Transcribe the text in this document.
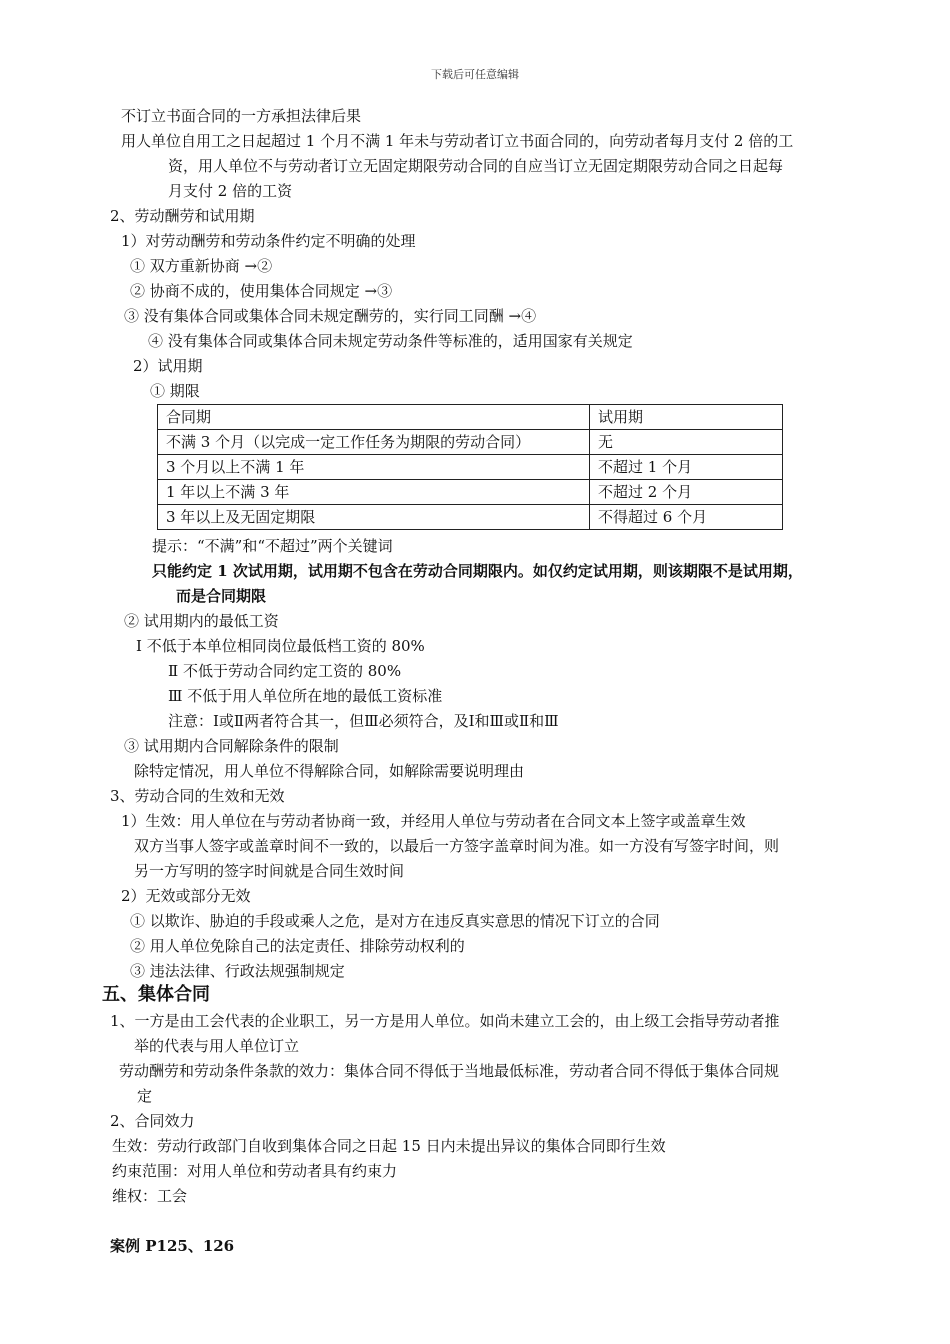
下载后可任意编辑
不订立书面合同的一方承担法律后果
用人单位自用工之日起超过 1 个月不满 1 年未与劳动者订立书面合同的，向劳动者每月支付 2 倍的工
资，用人单位不与劳动者订立无固定期限劳动合同的自应当订立无固定期限劳动合同之日起每
月支付 2 倍的工资
2、劳动酬劳和试用期
1）对劳动酬劳和劳动条件约定不明确的处理
① 双方重新协商 →②
② 协商不成的，使用集体合同规定 →③
③ 没有集体合同或集体合同未规定酬劳的，实行同工同酬 →④
④ 没有集体合同或集体合同未规定劳动条件等标准的，适用国家有关规定
2）试用期
① 期限
合同期	试用期
不满 3 个月（以完成一定工作任务为期限的劳动合同）	无
3 个月以上不满 1 年	不超过 1 个月
1 年以上不满 3 年	不超过 2 个月
3 年以上及无固定期限	不得超过 6 个月
提示：“不满”和“不超过”两个关键词
只能约定 1 次试用期，试用期不包含在劳动合同期限内。如仅约定试用期，则该期限不是试用期，
而是合同期限
② 试用期内的最低工资
Ⅰ 不低于本单位相同岗位最低档工资的 80%
Ⅱ 不低于劳动合同约定工资的 80%
Ⅲ 不低于用人单位所在地的最低工资标准
注意：Ⅰ或Ⅱ两者符合其一，但Ⅲ必须符合，及Ⅰ和Ⅲ或Ⅱ和Ⅲ
③ 试用期内合同解除条件的限制
除特定情况，用人单位不得解除合同，如解除需要说明理由
3、劳动合同的生效和无效
1）生效：用人单位在与劳动者协商一致，并经用人单位与劳动者在合同文本上签字或盖章生效
双方当事人签字或盖章时间不一致的，以最后一方签字盖章时间为准。如一方没有写签字时间，则
另一方写明的签字时间就是合同生效时间
2）无效或部分无效
① 以欺诈、胁迫的手段或乘人之危，是对方在违反真实意思的情况下订立的合同
② 用人单位免除自己的法定责任、排除劳动权利的
③ 违法法律、行政法规强制规定
五、集体合同
1、一方是由工会代表的企业职工，另一方是用人单位。如尚未建立工会的，由上级工会指导劳动者推
举的代表与用人单位订立
劳动酬劳和劳动条件条款的效力：集体合同不得低于当地最低标准，劳动者合同不得低于集体合同规
定
2、合同效力
生效：劳动行政部门自收到集体合同之日起 15 日内未提出异议的集体合同即行生效
约束范围：对用人单位和劳动者具有约束力
维权：工会
案例 P125、126
